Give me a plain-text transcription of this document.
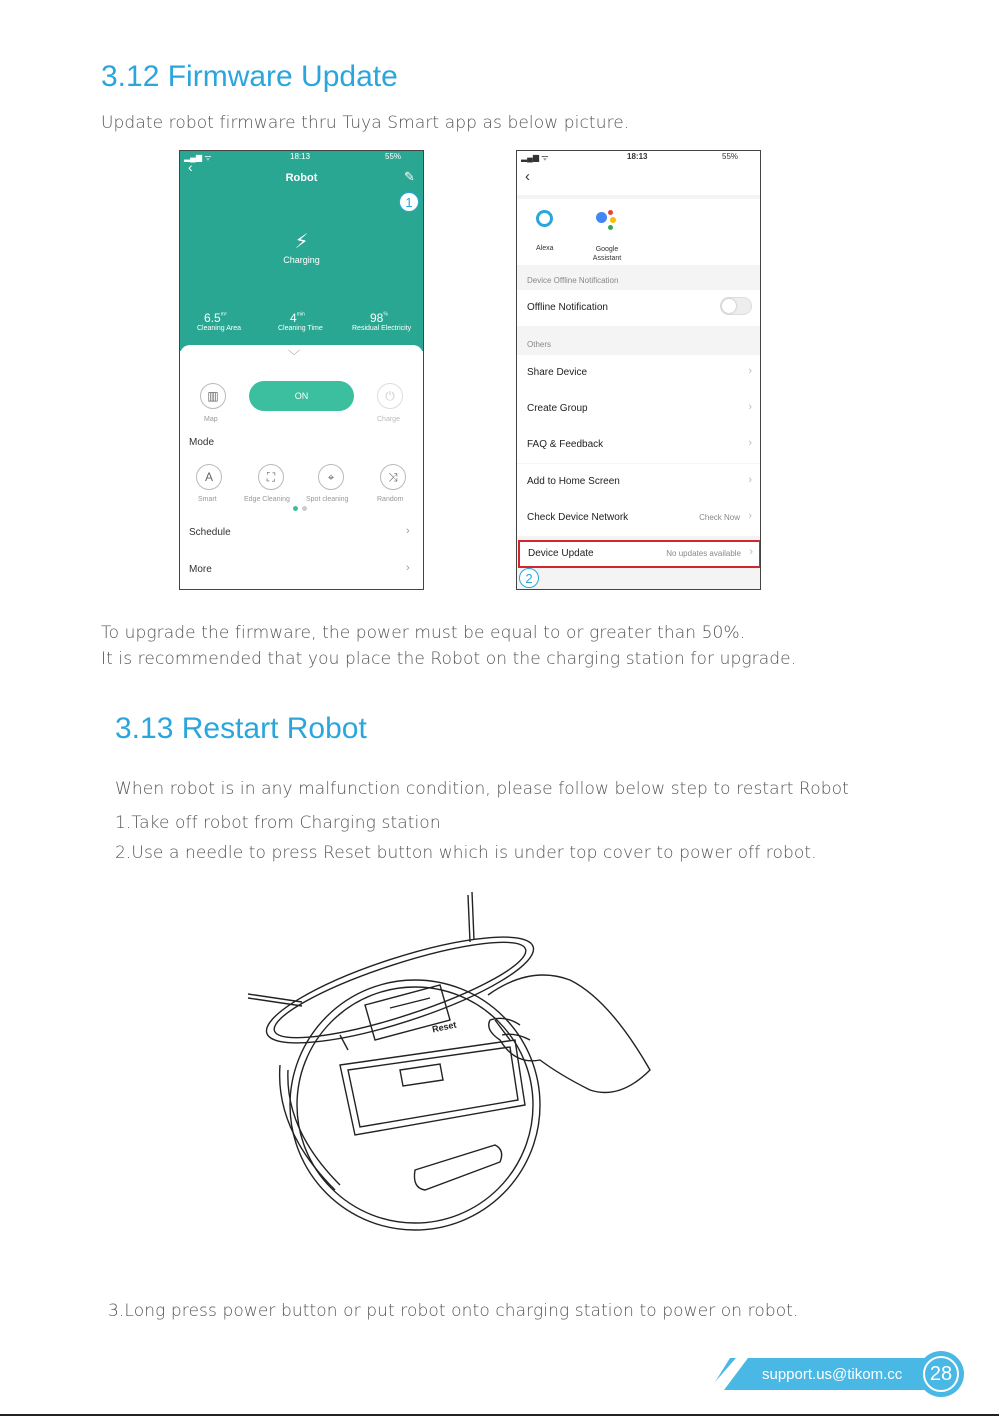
3.12 Firmware Update
Update robot firmware thru Tuya Smart app as below picture.
▂▄▆ ᯤ	18:13	55%
‹
Robot	✎
1
⚡
Charging
$6.5^{m^2}$
Cleaning Area
$4^{min}$
Cleaning Time
98%
Residual Electricity
﹀
▥
Map
ON	⏻
Charge
Mode
A
Smart
⛶
Edge Cleaning
⌖
Spot cleaning
⤨
Random
Schedule	›
More	›
▂▄▆ ᯤ	18:13	55%
‹
Alexa	Google Assistant
Device Offline Notification
Offline Notification
Others
Share Device	›
Create Group	›
FAQ & Feedback	›
Add to Home Screen	›
Check Device Network	Check Now ›
Device Update	No updates available ›
2
To upgrade the firmware, the power must be equal to or greater than 50%.
It is recommended that you place the Robot on the charging station for upgrade.
3.13 Restart Robot
When robot is in any malfunction condition, please follow below step to restart Robot
1.Take off robot from Charging station
2.Use a needle to press Reset button which is under top cover to power off robot.
Reset
3.Long press power button or put robot onto charging station to power on robot.
support.us@tikom.cc	28
